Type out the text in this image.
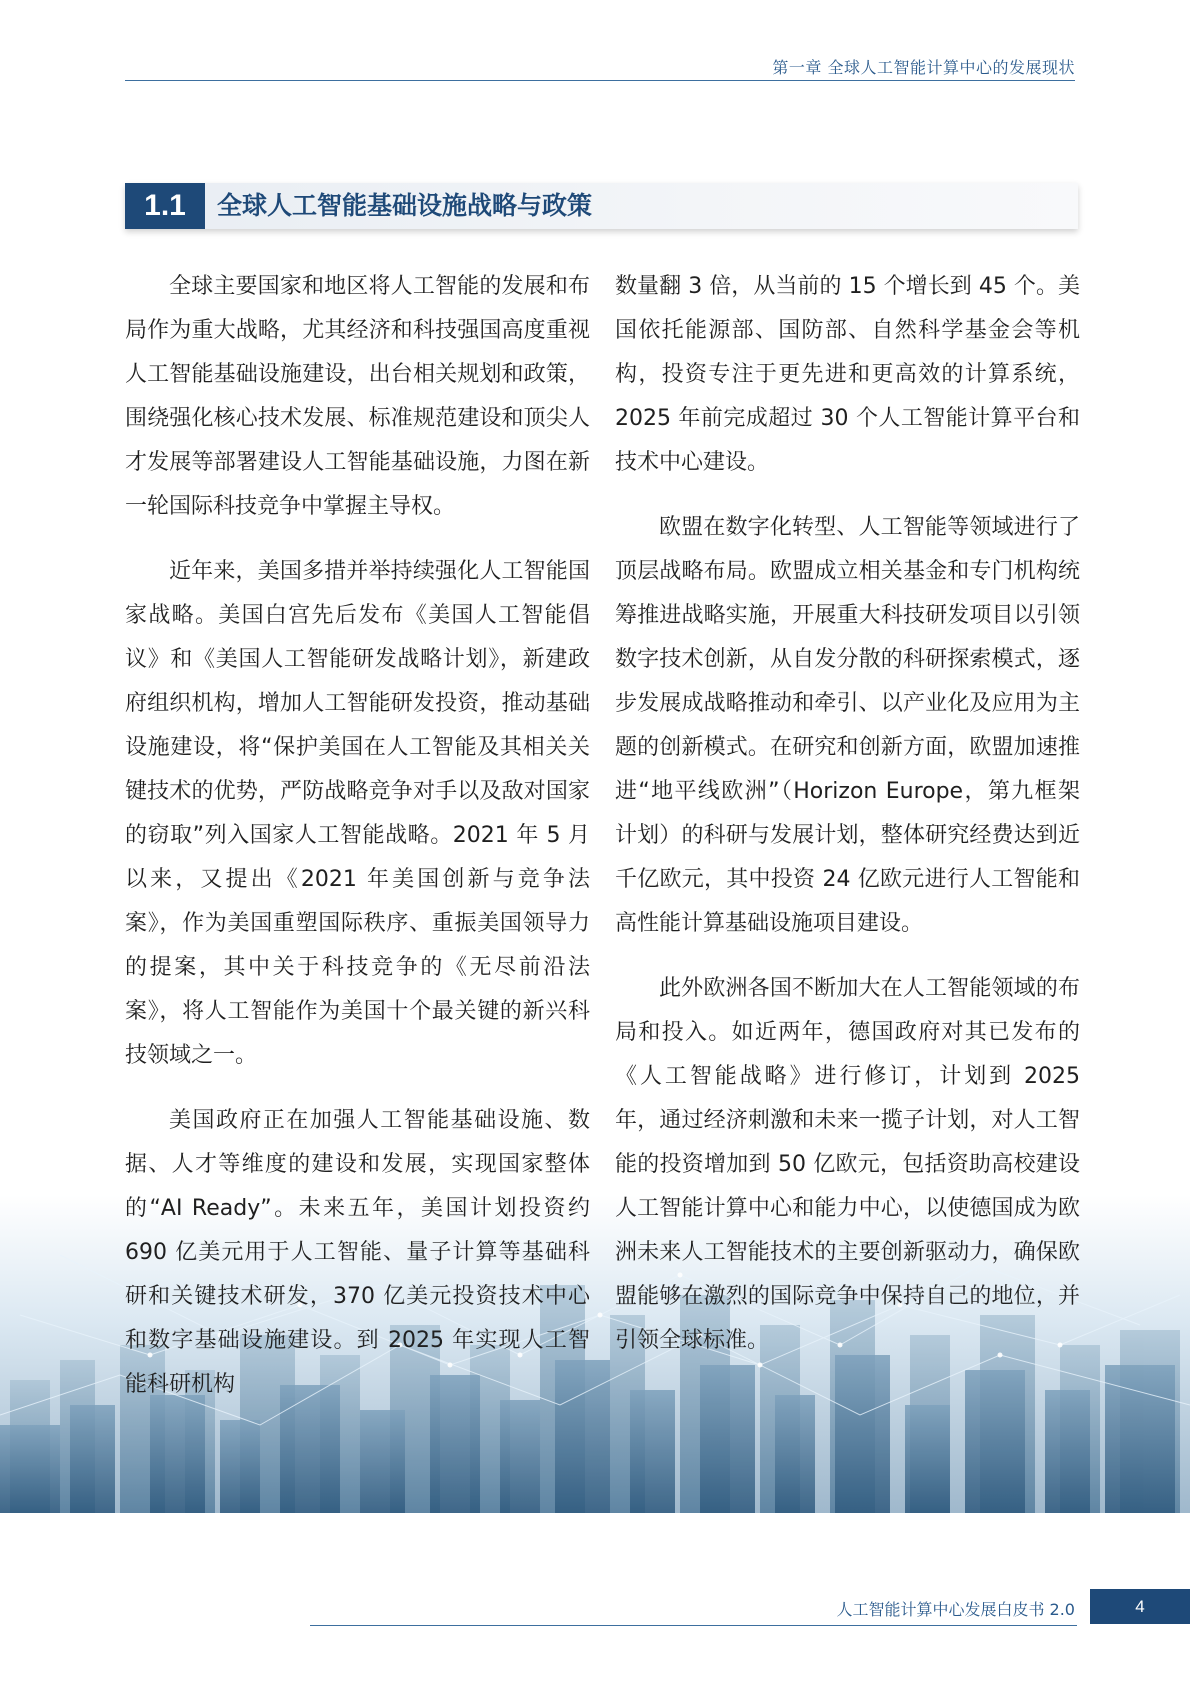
第一章 全球人工智能计算中心的发展现状
1.1	全球人工智能基础设施战略与政策

全球主要国家和地区将人工智能的发展和布局作为重大战略，尤其经济和科技强国高度重视人工智能基础设施建设，出台相关规划和政策，围绕强化核心技术发展、标准规范建设和顶尖人才发展等部署建设人工智能基础设施，力图在新一轮国际科技竞争中掌握主导权。

近年来，美国多措并举持续强化人工智能国家战略。美国白宫先后发布《美国人工智能倡议》和《美国人工智能研发战略计划》，新建政府组织机构，增加人工智能研发投资，推动基础设施建设，将“保护美国在人工智能及其相关关键技术的优势，严防战略竞争对手以及敌对国家的窃取”列入国家人工智能战略。2021 年 5 月以来，又提出《2021 年美国创新与竞争法案》，作为美国重塑国际秩序、重振美国领导力的提案，其中关于科技竞争的《无尽前沿法案》，将人工智能作为美国十个最关键的新兴科技领域之一。

美国政府正在加强人工智能基础设施、数据、人才等维度的建设和发展，实现国家整体的“AI Ready”。未来五年，美国计划投资约 690 亿美元用于人工智能、量子计算等基础科研和关键技术研发，370 亿美元投资技术中心和数字基础设施建设。到 2025 年实现人工智能科研机构

数量翻 3 倍，从当前的 15 个增长到 45 个。美国依托能源部、国防部、自然科学基金会等机构，投资专注于更先进和更高效的计算系统，2025 年前完成超过 30 个人工智能计算平台和技术中心建设。

欧盟在数字化转型、人工智能等领域进行了顶层战略布局。欧盟成立相关基金和专门机构统筹推进战略实施，开展重大科技研发项目以引领数字技术创新，从自发分散的科研探索模式，逐步发展成战略推动和牵引、以产业化及应用为主题的创新模式。在研究和创新方面，欧盟加速推进“地平线欧洲”（Horizon Europe，第九框架计划）的科研与发展计划，整体研究经费达到近千亿欧元，其中投资 24 亿欧元进行人工智能和高性能计算基础设施项目建设。

此外欧洲各国不断加大在人工智能领域的布局和投入。如近两年，德国政府对其已发布的《人工智能战略》进行修订，计划到 2025 年，通过经济刺激和未来一揽子计划，对人工智能的投资增加到 50 亿欧元，包括资助高校建设人工智能计算中心和能力中心，以使德国成为欧洲未来人工智能技术的主要创新驱动力，确保欧盟能够在激烈的国际竞争中保持自己的地位，并引领全球标准。

人工智能计算中心发展白皮书 2.0	4
